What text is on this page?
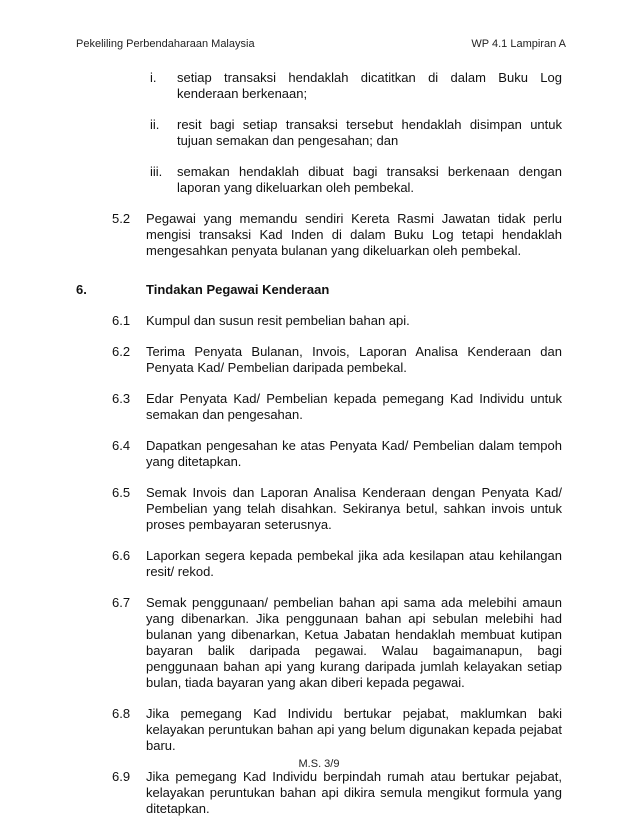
Pekeliling Perbendaharaan Malaysia	WP 4.1 Lampiran A
i.	setiap transaksi hendaklah dicatitkan di dalam Buku Log kenderaan berkenaan;
ii.	resit bagi setiap transaksi tersebut hendaklah disimpan untuk tujuan semakan dan pengesahan; dan
iii.	semakan hendaklah dibuat bagi transaksi berkenaan dengan laporan yang dikeluarkan oleh pembekal.
5.2	Pegawai yang memandu sendiri Kereta Rasmi Jawatan tidak perlu mengisi transaksi Kad Inden di dalam Buku Log tetapi hendaklah mengesahkan penyata bulanan yang dikeluarkan oleh pembekal.
6.	Tindakan Pegawai Kenderaan
6.1	Kumpul dan susun resit pembelian bahan api.
6.2	Terima Penyata Bulanan, Invois, Laporan Analisa Kenderaan dan Penyata Kad/ Pembelian daripada pembekal.
6.3	Edar Penyata Kad/ Pembelian kepada pemegang Kad Individu untuk semakan dan pengesahan.
6.4	Dapatkan pengesahan ke atas Penyata Kad/ Pembelian dalam tempoh yang ditetapkan.
6.5	Semak Invois dan Laporan Analisa Kenderaan dengan Penyata Kad/ Pembelian yang telah disahkan. Sekiranya betul, sahkan invois untuk proses pembayaran seterusnya.
6.6	Laporkan segera kepada pembekal jika ada kesilapan atau kehilangan resit/ rekod.
6.7	Semak penggunaan/ pembelian bahan api sama ada melebihi amaun yang dibenarkan. Jika penggunaan bahan api sebulan melebihi had bulanan yang dibenarkan, Ketua Jabatan hendaklah membuat kutipan bayaran balik daripada pegawai. Walau bagaimanapun, bagi penggunaan bahan api yang kurang daripada jumlah kelayakan setiap bulan, tiada bayaran yang akan diberi kepada pegawai.
6.8	Jika pemegang Kad Individu bertukar pejabat, maklumkan baki kelayakan peruntukan bahan api yang belum digunakan kepada pejabat baru.
6.9	Jika pemegang Kad Individu berpindah rumah atau bertukar pejabat, kelayakan peruntukan bahan api dikira semula mengikut formula yang ditetapkan.
M.S. 3/9
